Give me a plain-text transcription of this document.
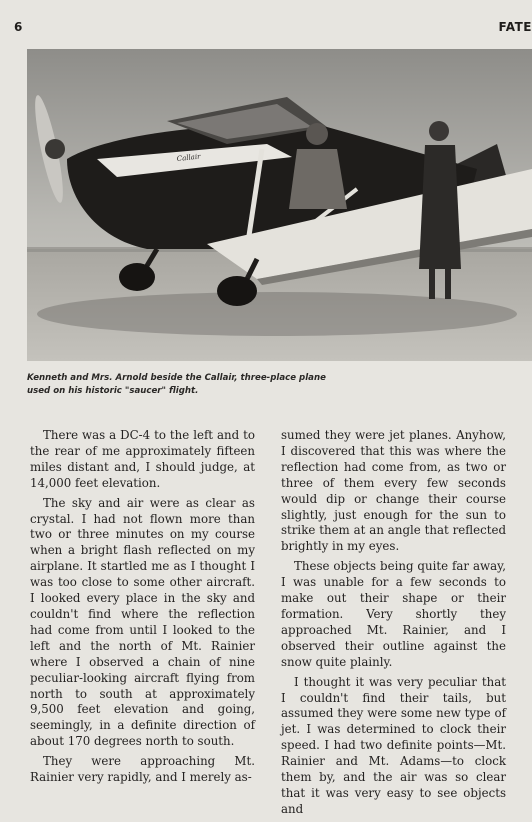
6	FATE
Callair
Kenneth and Mrs. Arnold beside the Callair, three-place plane used on his historic "saucer" flight.

There was a DC-4 to the left and to the rear of me approximately fifteen miles distant and, I should judge, at 14,000 feet elevation.

The sky and air were as clear as crystal. I had not flown more than two or three minutes on my course when a bright flash reflected on my airplane. It startled me as I thought I was too close to some other aircraft. I looked every place in the sky and couldn't find where the reflection had come from until I looked to the left and the north of Mt. Rainier where I observed a chain of nine peculiar-looking aircraft flying from north to south at approximately 9,500 feet elevation and going, seemingly, in a definite direction of about 170 degrees north to south.

They were approaching Mt. Rainier very rapidly, and I merely as-

sumed they were jet planes. Anyhow, I discovered that this was where the reflection had come from, as two or three of them every few seconds would dip or change their course slightly, just enough for the sun to strike them at an angle that reflected brightly in my eyes.

These objects being quite far away, I was unable for a few seconds to make out their shape or their formation. Very shortly they approached Mt. Rainier, and I observed their outline against the snow quite plainly.

I thought it was very peculiar that I couldn't find their tails, but assumed they were some new type of jet. I was determined to clock their speed. I had two definite points—Mt. Rainier and Mt. Adams—to clock them by, and the air was so clear that it was very easy to see objects and
